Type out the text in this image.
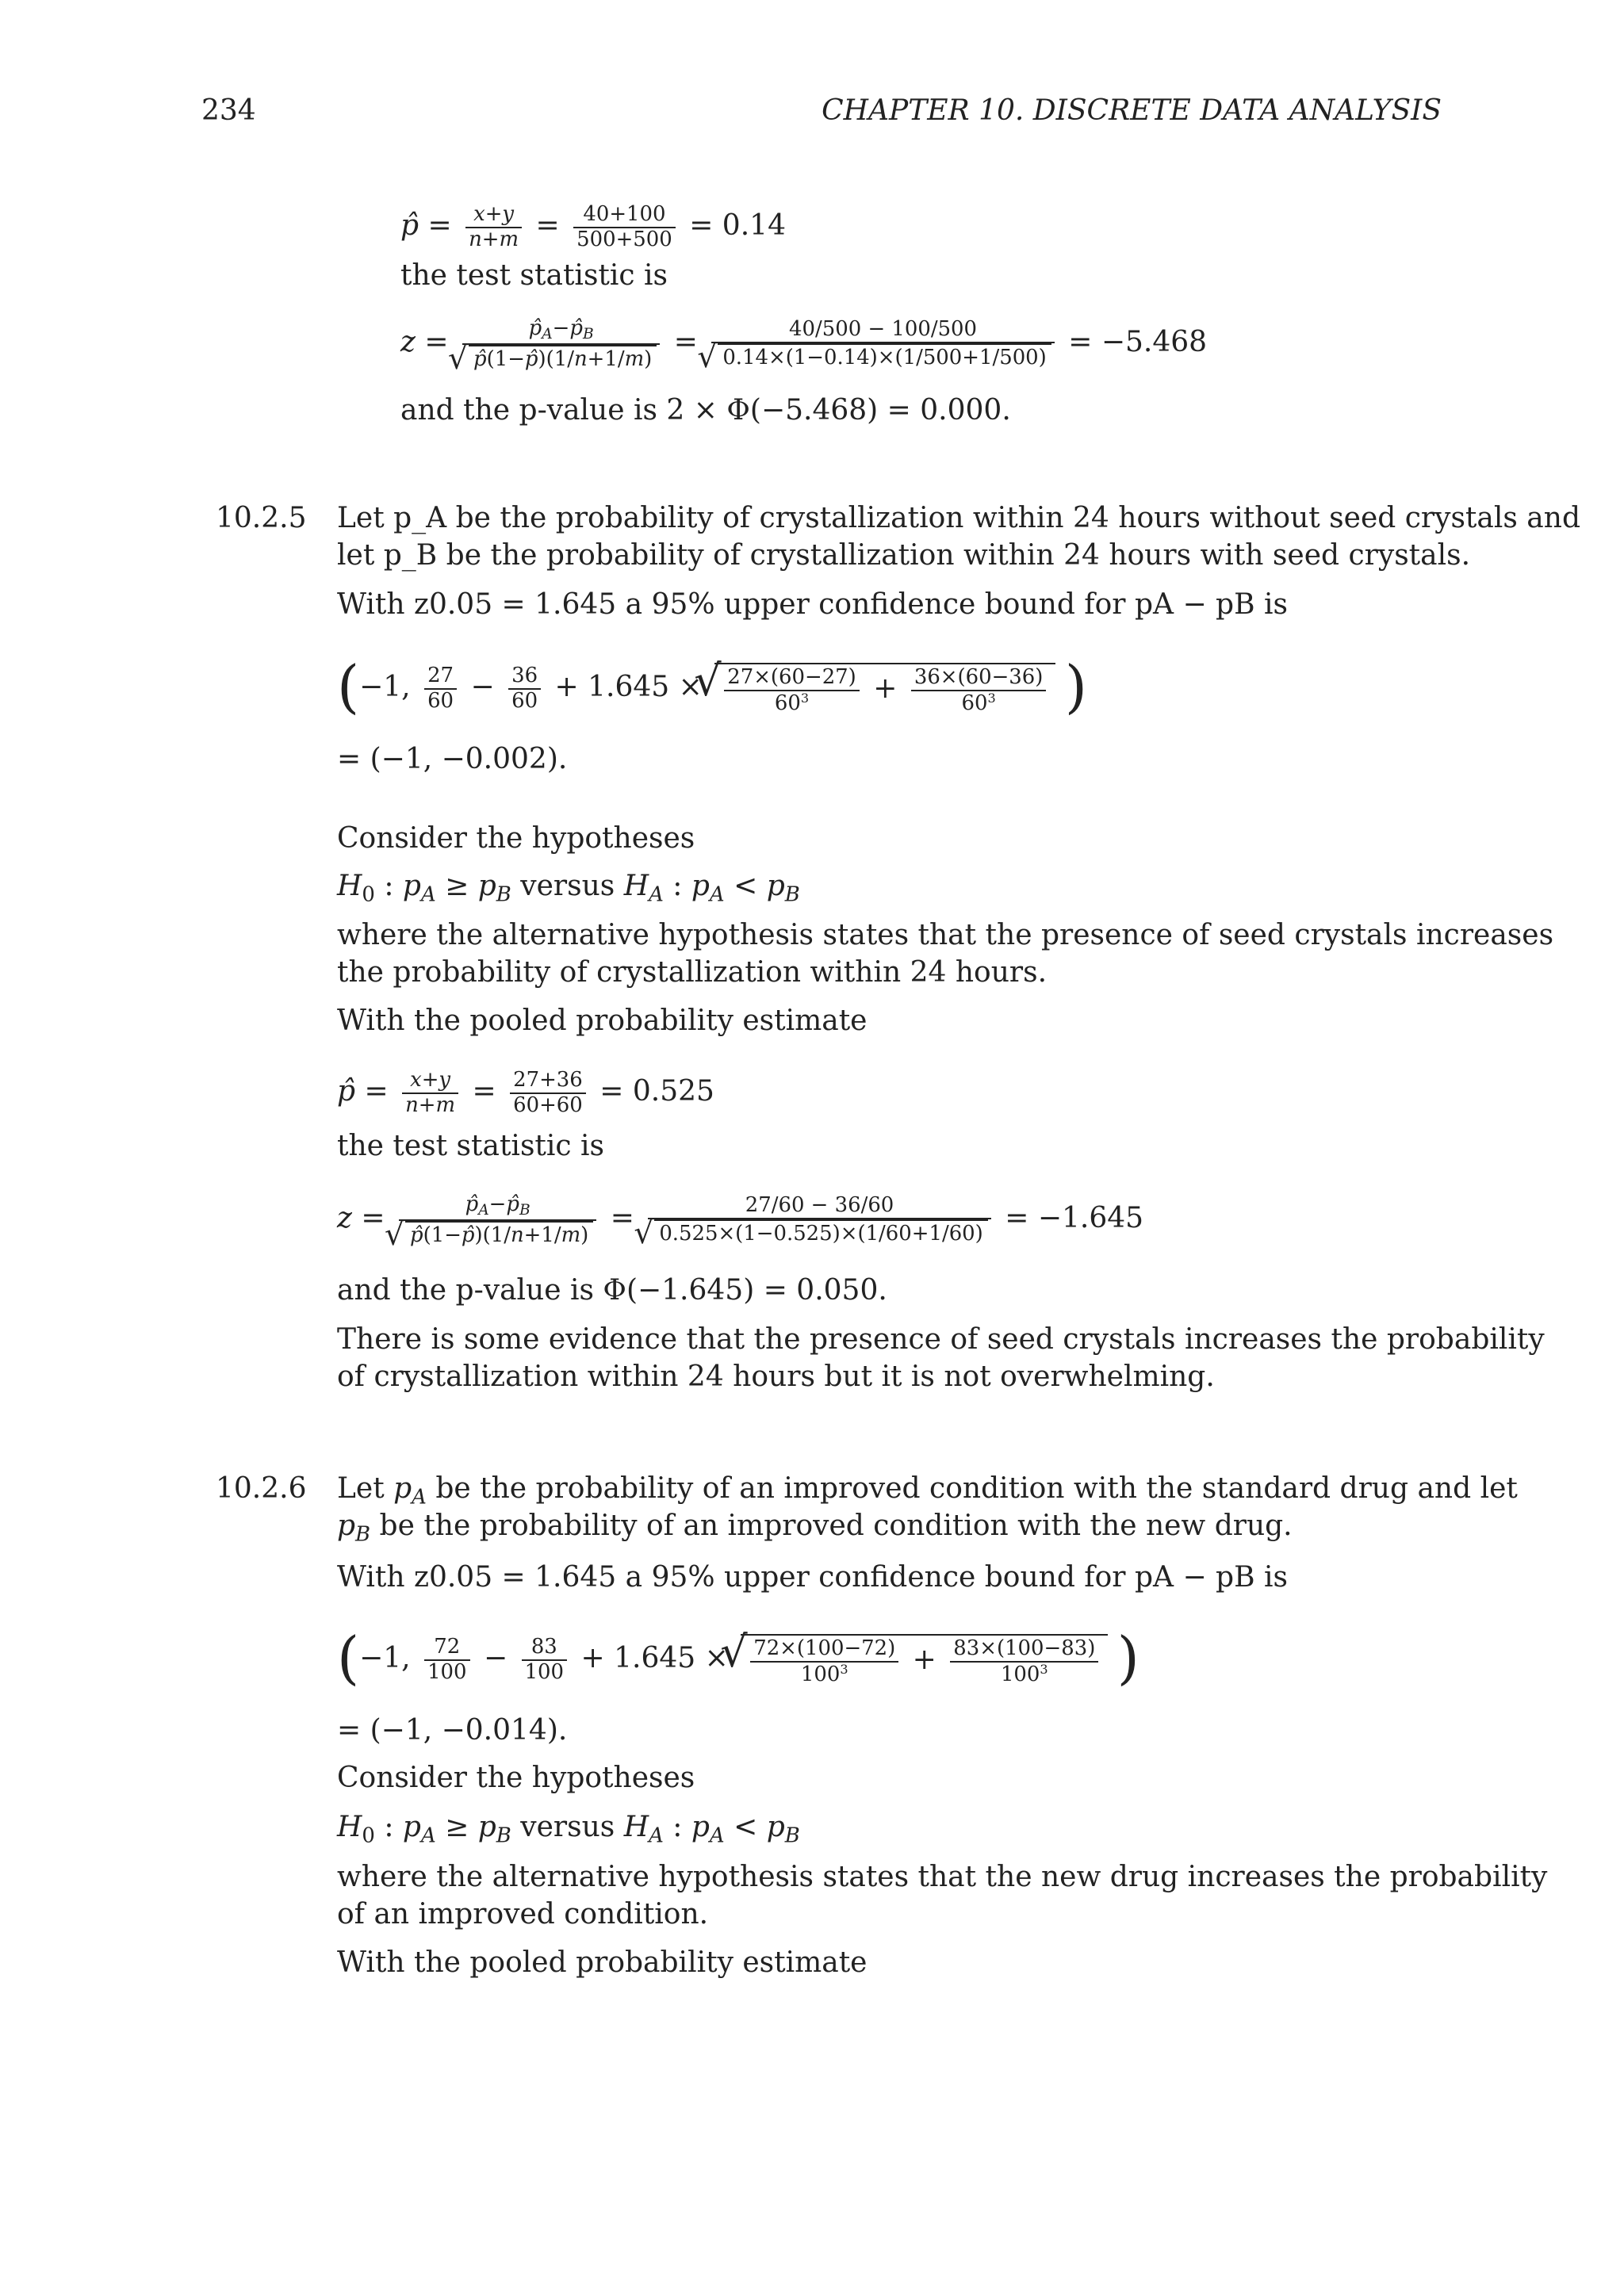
234	CHAPTER 10. DISCRETE DATA ANALYSIS
p̂ = $\frac{x+y}{n+m} = \frac{40+100}{500+500} = 0.14$
the test statistic is
$z = p̂_A-p̂_B$
√ p̂(1−p̂)(1/n+1/m) = 40/500 − 100/500
√ 0.14×(1−0.14)×(1/500+1/500) = −5.468
and the p-value is 2 × Φ(−5.468) = 0.000.
10.2.5 Let p_A be the probability of crystallization within 24 hours without seed crystals and
let p_B be the probability of crystallization within 24 hours with seed crystals.
With z0.05 = 1.645 a 95% upper confidence bound for pA − pB is
(−1, $\frac{27}{60} - \frac{36}{60} + 1.645$ × √ $\frac{27\times(60-27)}{60^3} + \frac{36\times(60-36)}{60^3}$ )
= (−1, −0.002).
Consider the hypotheses
$H_0$ : $p_A \ge p_B$ versus $H_A$ : $p_A < p_B$
where the alternative hypothesis states that the presence of seed crystals increases
the probability of crystallization within 24 hours.
With the pooled probability estimate
p̂ = $\frac{x+y}{n+m} = \frac{27+36}{60+60} = 0.525$
the test statistic is
$z = p̂_A-p̂_B$
√ p̂(1−p̂)(1/n+1/m) = 27/60 − 36/60
√ 0.525×(1−0.525)×(1/60+1/60) = −1.645
and the p-value is Φ(−1.645) = 0.050.
There is some evidence that the presence of seed crystals increases the probability
of crystallization within 24 hours but it is not overwhelming.
10.2.6 Let $p_A$ be the probability of an improved condition with the standard drug and let
$p_B$ be the probability of an improved condition with the new drug.
With z0.05 = 1.645 a 95% upper confidence bound for pA − pB is
(−1, $\frac{72}{100} - \frac{83}{100} + 1.645$ × √ $\frac{72\times(100-72)}{100^3} + \frac{83\times(100-83)}{100^3}$ )
= (−1, −0.014).
Consider the hypotheses
$H_0$ : $p_A \ge p_B$ versus $H_A$ : $p_A < p_B$
where the alternative hypothesis states that the new drug increases the probability
of an improved condition.
With the pooled probability estimate
